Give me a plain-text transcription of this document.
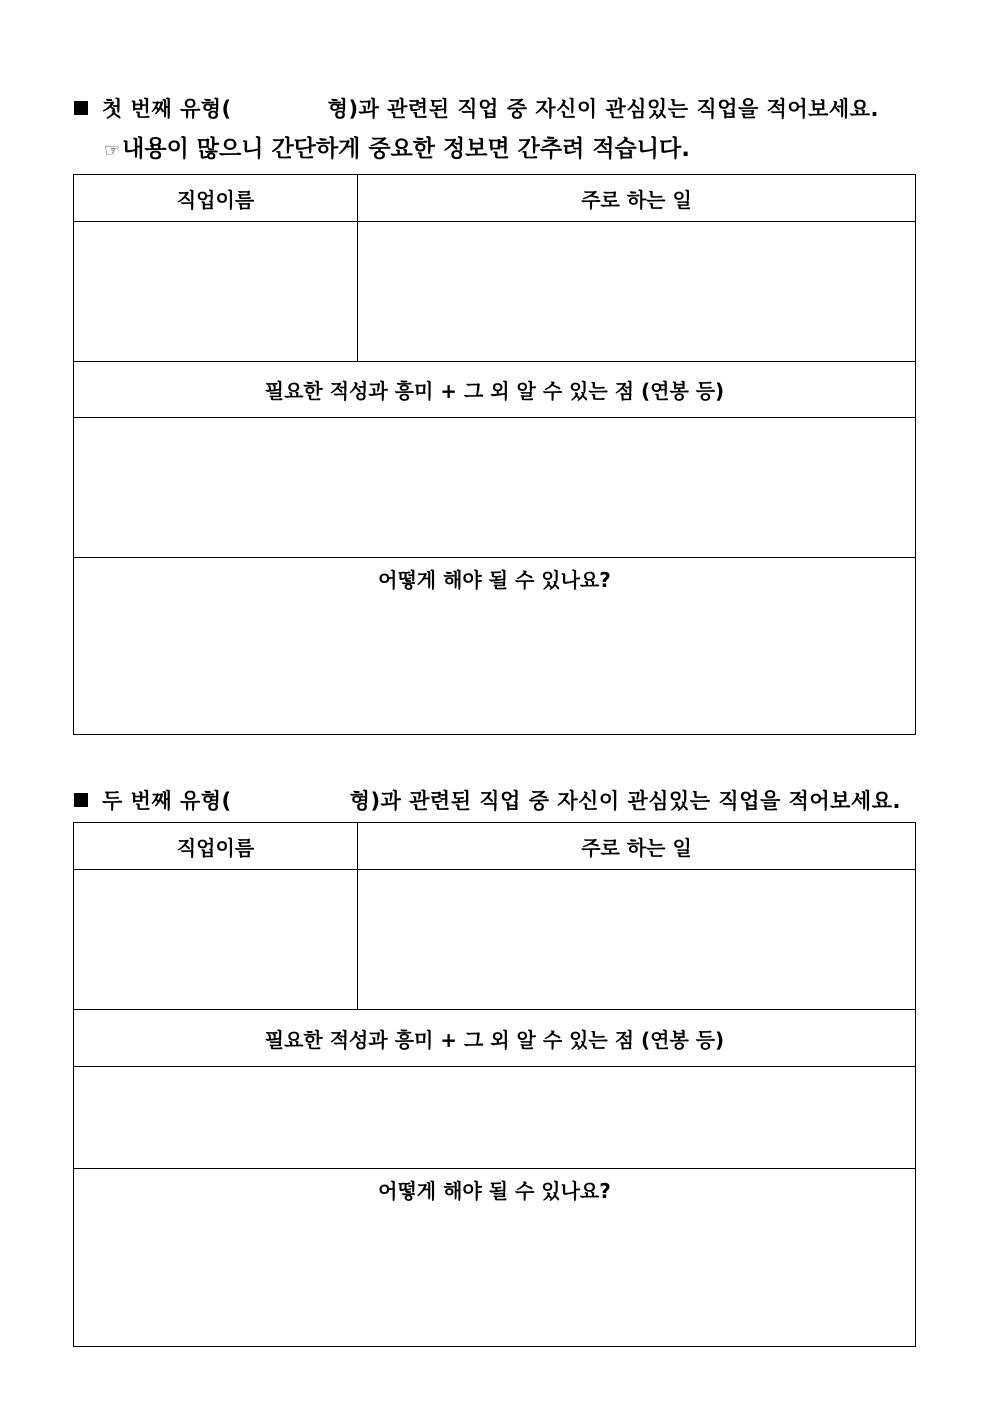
첫 번째 유형(	형)과 관련된 직업 중 자신이 관심있는 직업을 적어보세요.
☞내용이 많으니 간단하게 중요한 정보면 간추려 적습니다.
직업이름	주로 하는 일

필요한 적성과 흥미 + 그 외 알 수 있는 점 (연봉 등)	

어떻게 해야 될 수 있나요?	
두 번째 유형(	형)과 관련된 직업 중 자신이 관심있는 직업을 적어보세요.
직업이름	주로 하는 일

필요한 적성과 흥미 + 그 외 알 수 있는 점 (연봉 등)	

어떻게 해야 될 수 있나요?	
